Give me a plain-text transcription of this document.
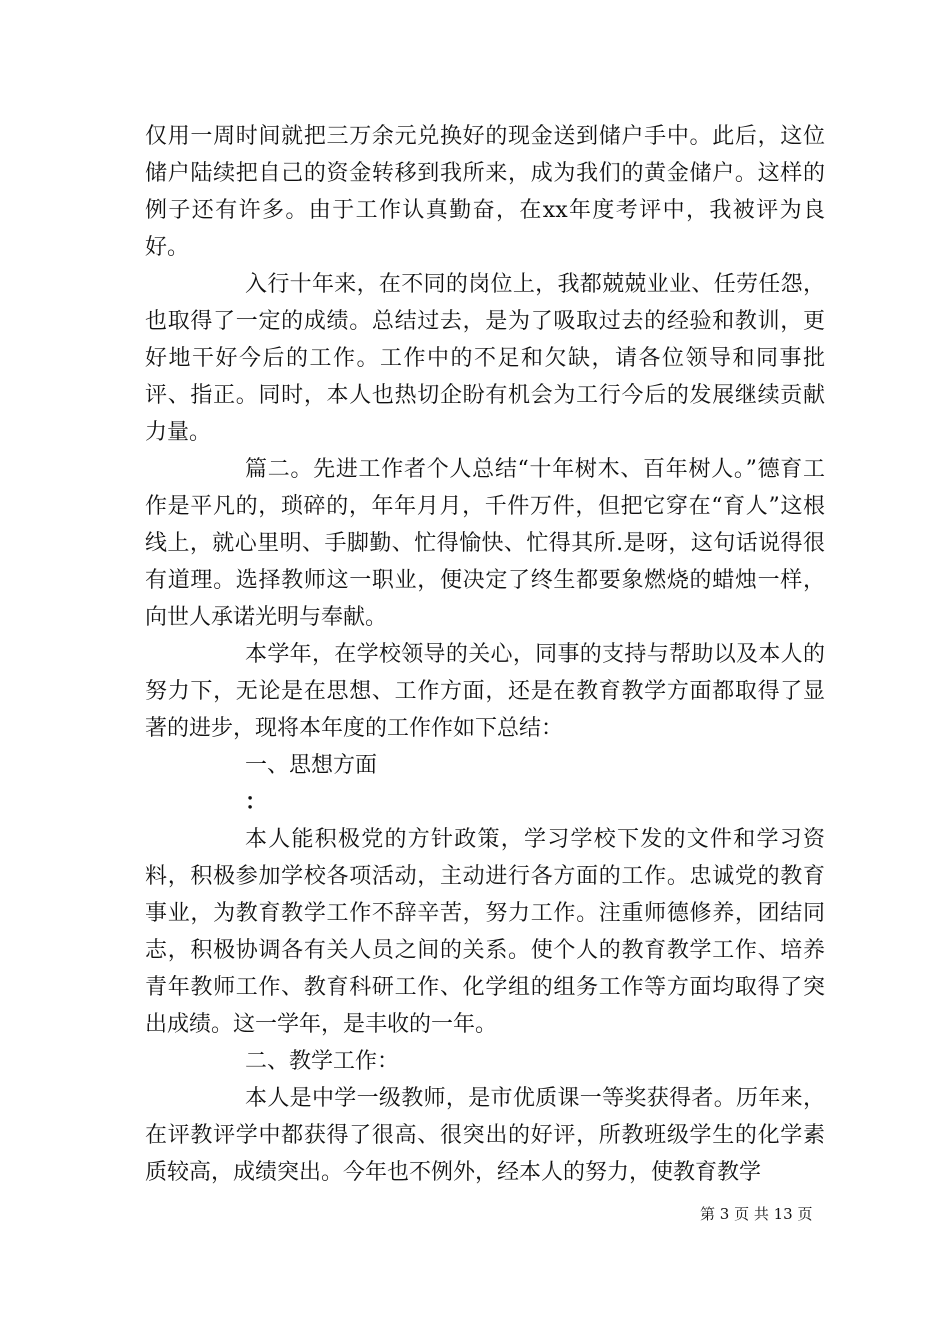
仅用一周时间就把三万余元兑换好的现金送到储户手中。此后，这位储户陆续把自己的资金转移到我所来，成为我们的黄金储户。这样的例子还有许多。由于工作认真勤奋，在xx年度考评中，我被评为良好。

入行十年来，在不同的岗位上，我都兢兢业业、任劳任怨，也取得了一定的成绩。总结过去，是为了吸取过去的经验和教训，更好地干好今后的工作。工作中的不足和欠缺，请各位领导和同事批评、指正。同时，本人也热切企盼有机会为工行今后的发展继续贡献力量。

篇二。先进工作者个人总结“十年树木、百年树人。”德育工作是平凡的，琐碎的，年年月月，千件万件，但把它穿在“育人”这根线上，就心里明、手脚勤、忙得愉快、忙得其所.是呀，这句话说得很有道理。选择教师这一职业，便决定了终生都要象燃烧的蜡烛一样，向世人承诺光明与奉献。

本学年，在学校领导的关心，同事的支持与帮助以及本人的努力下，无论是在思想、工作方面，还是在教育教学方面都取得了显著的进步，现将本年度的工作作如下总结：

一、思想方面

：

本人能积极党的方针政策，学习学校下发的文件和学习资料，积极参加学校各项活动，主动进行各方面的工作。忠诚党的教育事业，为教育教学工作不辞辛苦，努力工作。注重师德修养，团结同志，积极协调各有关人员之间的关系。使个人的教育教学工作、培养青年教师工作、教育科研工作、化学组的组务工作等方面均取得了突出成绩。这一学年，是丰收的一年。

二、教学工作：

本人是中学一级教师，是市优质课一等奖获得者。历年来，在评教评学中都获得了很高、很突出的好评，所教班级学生的化学素质较高，成绩突出。今年也不例外，经本人的努力，使教育教学

第 3 页 共 13 页
